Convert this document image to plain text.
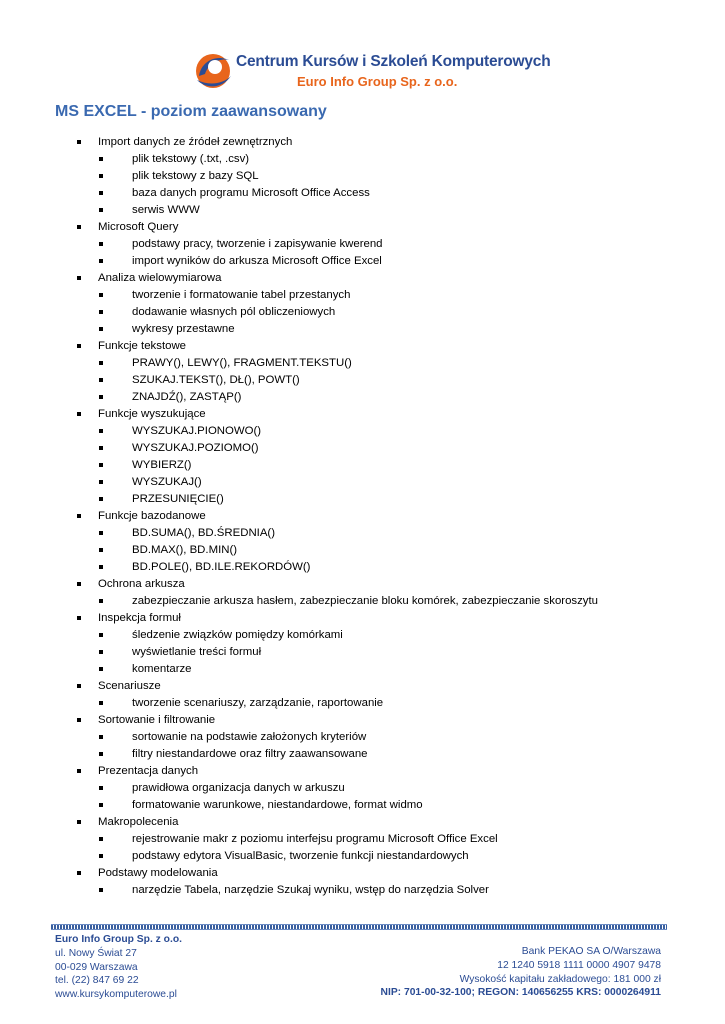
Centrum Kursów i Szkoleń Komputerowych
Euro Info Group Sp. z o.o.
MS EXCEL - poziom zaawansowany
Import danych ze źródeł zewnętrznych
plik tekstowy (.txt, .csv)
plik tekstowy z bazy SQL
baza danych programu Microsoft Office Access
serwis WWW
Microsoft Query
podstawy pracy, tworzenie i zapisywanie kwerend
import wyników do arkusza Microsoft Office Excel
Analiza wielowymiarowa
tworzenie i formatowanie tabel przestanych
dodawanie własnych pól obliczeniowych
wykresy przestawne
Funkcje tekstowe
PRAWY(), LEWY(), FRAGMENT.TEKSTU()
SZUKAJ.TEKST(), DŁ(), POWT()
ZNAJDŹ(), ZASTĄP()
Funkcje wyszukujące
WYSZUKAJ.PIONOWO()
WYSZUKAJ.POZIOMO()
WYBIERZ()
WYSZUKAJ()
PRZESUNIĘCIE()
Funkcje bazodanowe
BD.SUMA(), BD.ŚREDNIA()
BD.MAX(), BD.MIN()
BD.POLE(), BD.ILE.REKORDÓW()
Ochrona arkusza
zabezpieczanie arkusza hasłem, zabezpieczanie bloku komórek, zabezpieczanie skoroszytu
Inspekcja formuł
śledzenie związków pomiędzy komórkami
wyświetlanie treści formuł
komentarze
Scenariusze
tworzenie scenariuszy, zarządzanie, raportowanie
Sortowanie i filtrowanie
sortowanie na podstawie założonych kryteriów
filtry niestandardowe oraz filtry zaawansowane
Prezentacja danych
prawidłowa organizacja danych w arkuszu
formatowanie warunkowe, niestandardowe, format widmo
Makropolecenia
rejestrowanie makr z poziomu interfejsu programu Microsoft Office Excel
podstawy edytora VisualBasic, tworzenie funkcji niestandardowych
Podstawy modelowania
narzędzie Tabela, narzędzie Szukaj wyniku, wstęp do narzędzia Solver
Euro Info Group Sp. z o.o.
ul. Nowy Świat 27
00-029 Warszawa
tel. (22) 847 69 22
www.kursykomputerowe.pl
Bank PEKAO SA O/Warszawa
12 1240 5918 1111 0000 4907 9478
Wysokość kapitału zakładowego: 181 000 zł
NIP: 701-00-32-100; REGON: 140656255 KRS: 0000264911
